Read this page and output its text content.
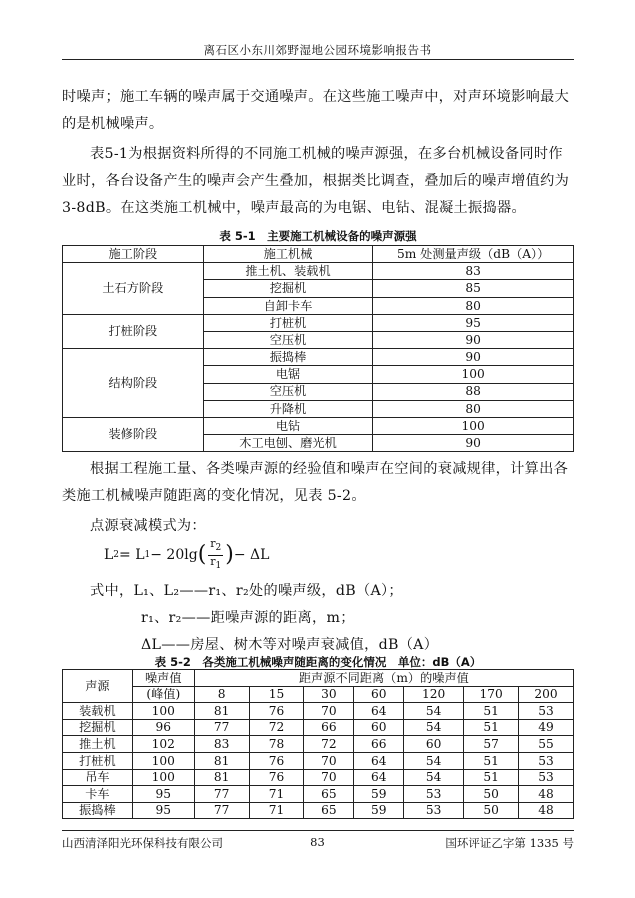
离石区小东川郊野湿地公园环境影响报告书

时噪声；施工车辆的噪声属于交通噪声。在这些施工噪声中，对声环境影响最大的是机械噪声。

表5-1为根据资料所得的不同施工机械的噪声源强，在多台机械设备同时作业时，各台设备产生的噪声会产生叠加，根据类比调查，叠加后的噪声增值约为3-8dB。在这类施工机械中，噪声最高的为电锯、电钻、混凝土振捣器。

表 5-1　主要施工机械设备的噪声源强
施工阶段	施工机械	5m 处测量声级（dB（A））
土石方阶段	推土机、装载机	83
	挖掘机	85
	自卸卡车	80
打桩阶段	打桩机	95
	空压机	90
结构阶段	振捣棒	90
	电锯	100
	空压机	88
	升降机	80
装修阶段	电钻	100
	木工电刨、磨光机	90

根据工程施工量、各类噪声源的经验值和噪声在空间的衰减规律，计算出各类施工机械噪声随距离的变化情况，见表 5-2。

点源衰减模式为：

L 2 = L 1 − 20lg ( $\frac{r_2}{r_1}$ ) − ΔL

式中，L₁、L₂——r₁、r₂处的噪声级，dB（A）；

r₁、r₂——距噪声源的距离，m；

ΔL——房屋、树木等对噪声衰减值，dB（A）

表 5-2　各类施工机械噪声随距离的变化情况　单位：dB（A）
声源	噪声值	距声源不同距离（m）的噪声值						
	(峰值)	8	15	30	60	120	170	200
装载机	100	81	76	70	64	54	51	53
挖掘机	96	77	72	66	60	54	51	49
推土机	102	83	78	72	66	60	57	55
打桩机	100	81	76	70	64	54	51	53
吊车	100	81	76	70	64	54	51	53
卡车	95	77	71	65	59	53	50	48
振捣棒	95	77	71	65	59	53	50	48
山西清泽阳光环保科技有限公司	83	国环评证乙字第 1335 号
